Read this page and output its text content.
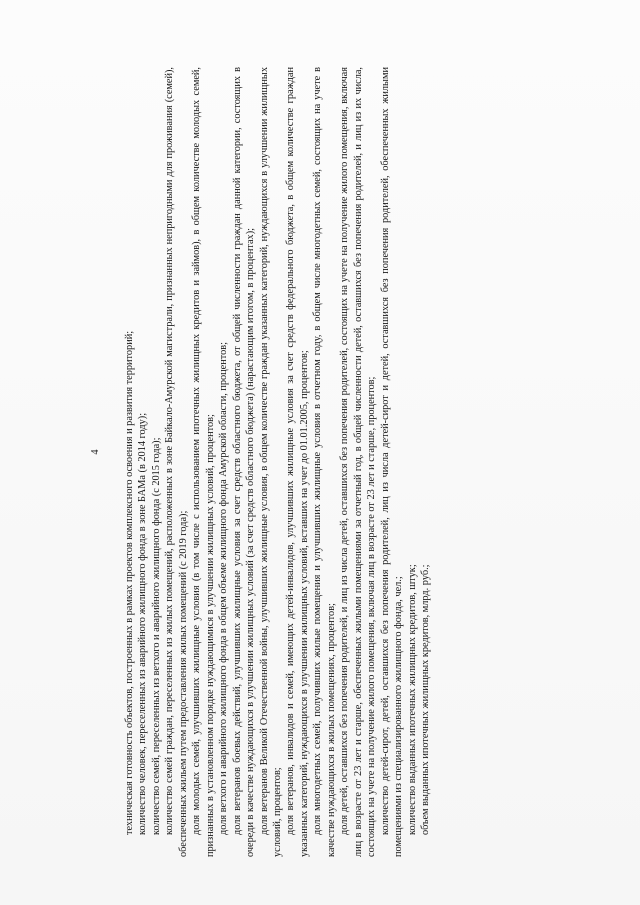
4 техническая готовность объектов, построенных в рамках проектов комплексного освоения и развития территорий; количество человек, переселенных из аварийного жилищного фонда в зоне БАМа (в 2014 году); количество семей, переселенных из ветхого и аварийного жилищного фонда (с 2015 года); количество семей граждан, переселенных из жилых помещений, расположенных в зоне Байкало-Амурской магистрали, признанных непригодными для проживания (семей), обеспеченных жильем путем предоставления жилых помещений (с 2019 года); доля молодых семей, улучшивших жилищные условия (в том числе с использованием ипотечных жилищных кредитов и займов), в общем количестве молодых семей, признанных в установленном порядке нуждающимися в улучшении жилищных условий, процентов; доля ветхого и аварийного жилищного фонда в общем объеме жилищного фонда Амурской области, процентов; доля ветеранов боевых действий, улучшивших жилищные условия за счет средств областного бюджета, от общей численности граждан данной категории, состоящих в очереди в качестве нуждающихся в улучшении жилищных условий (за счет средств областного бюджета) (нарастающим итогом, в процентах); доля ветеранов Великой Отечественной войны, улучшивших жилищные условия, в общем количестве граждан указанных категорий, нуждающихся в улучшении жилищных условий, процентов; доля ветеранов, инвалидов и семей, имеющих детей-инвалидов, улучшивших жилищные условия за счет средств федерального бюджета, в общем количестве граждан указанных категорий, нуждающихся в улучшении жилищных условий, вставших на учет до 01.01.2005, процентов; доля многодетных семей, получивших жилые помещения и улучшивших жилищные условия в отчетном году, в общем числе многодетных семей, состоящих на учете в качестве нуждающихся в жилых помещениях, процентов; доля детей, оставшихся без попечения родителей, и лиц из числа детей, оставшихся без попечения родителей, состоящих на учете на получение жилого помещения, включая лиц в возрасте от 23 лет и старше, обеспеченных жилыми помещениями за отчетный год, в общей численности детей, оставшихся без попечения родителей, и лиц из их числа, состоящих на учете на получение жилого помещения, включая лиц в возрасте от 23 лет и старше, процентов; количество детей-сирот, детей, оставшихся без попечения родителей, лиц из числа детей-сирот и детей, оставшихся без попечения родителей, обеспеченных жилыми помещениями из специализированного жилищного фонда, чел.; количество выданных ипотечных жилищных кредитов, штук; объем выданных ипотечных жилищных кредитов, млрд. руб.;
